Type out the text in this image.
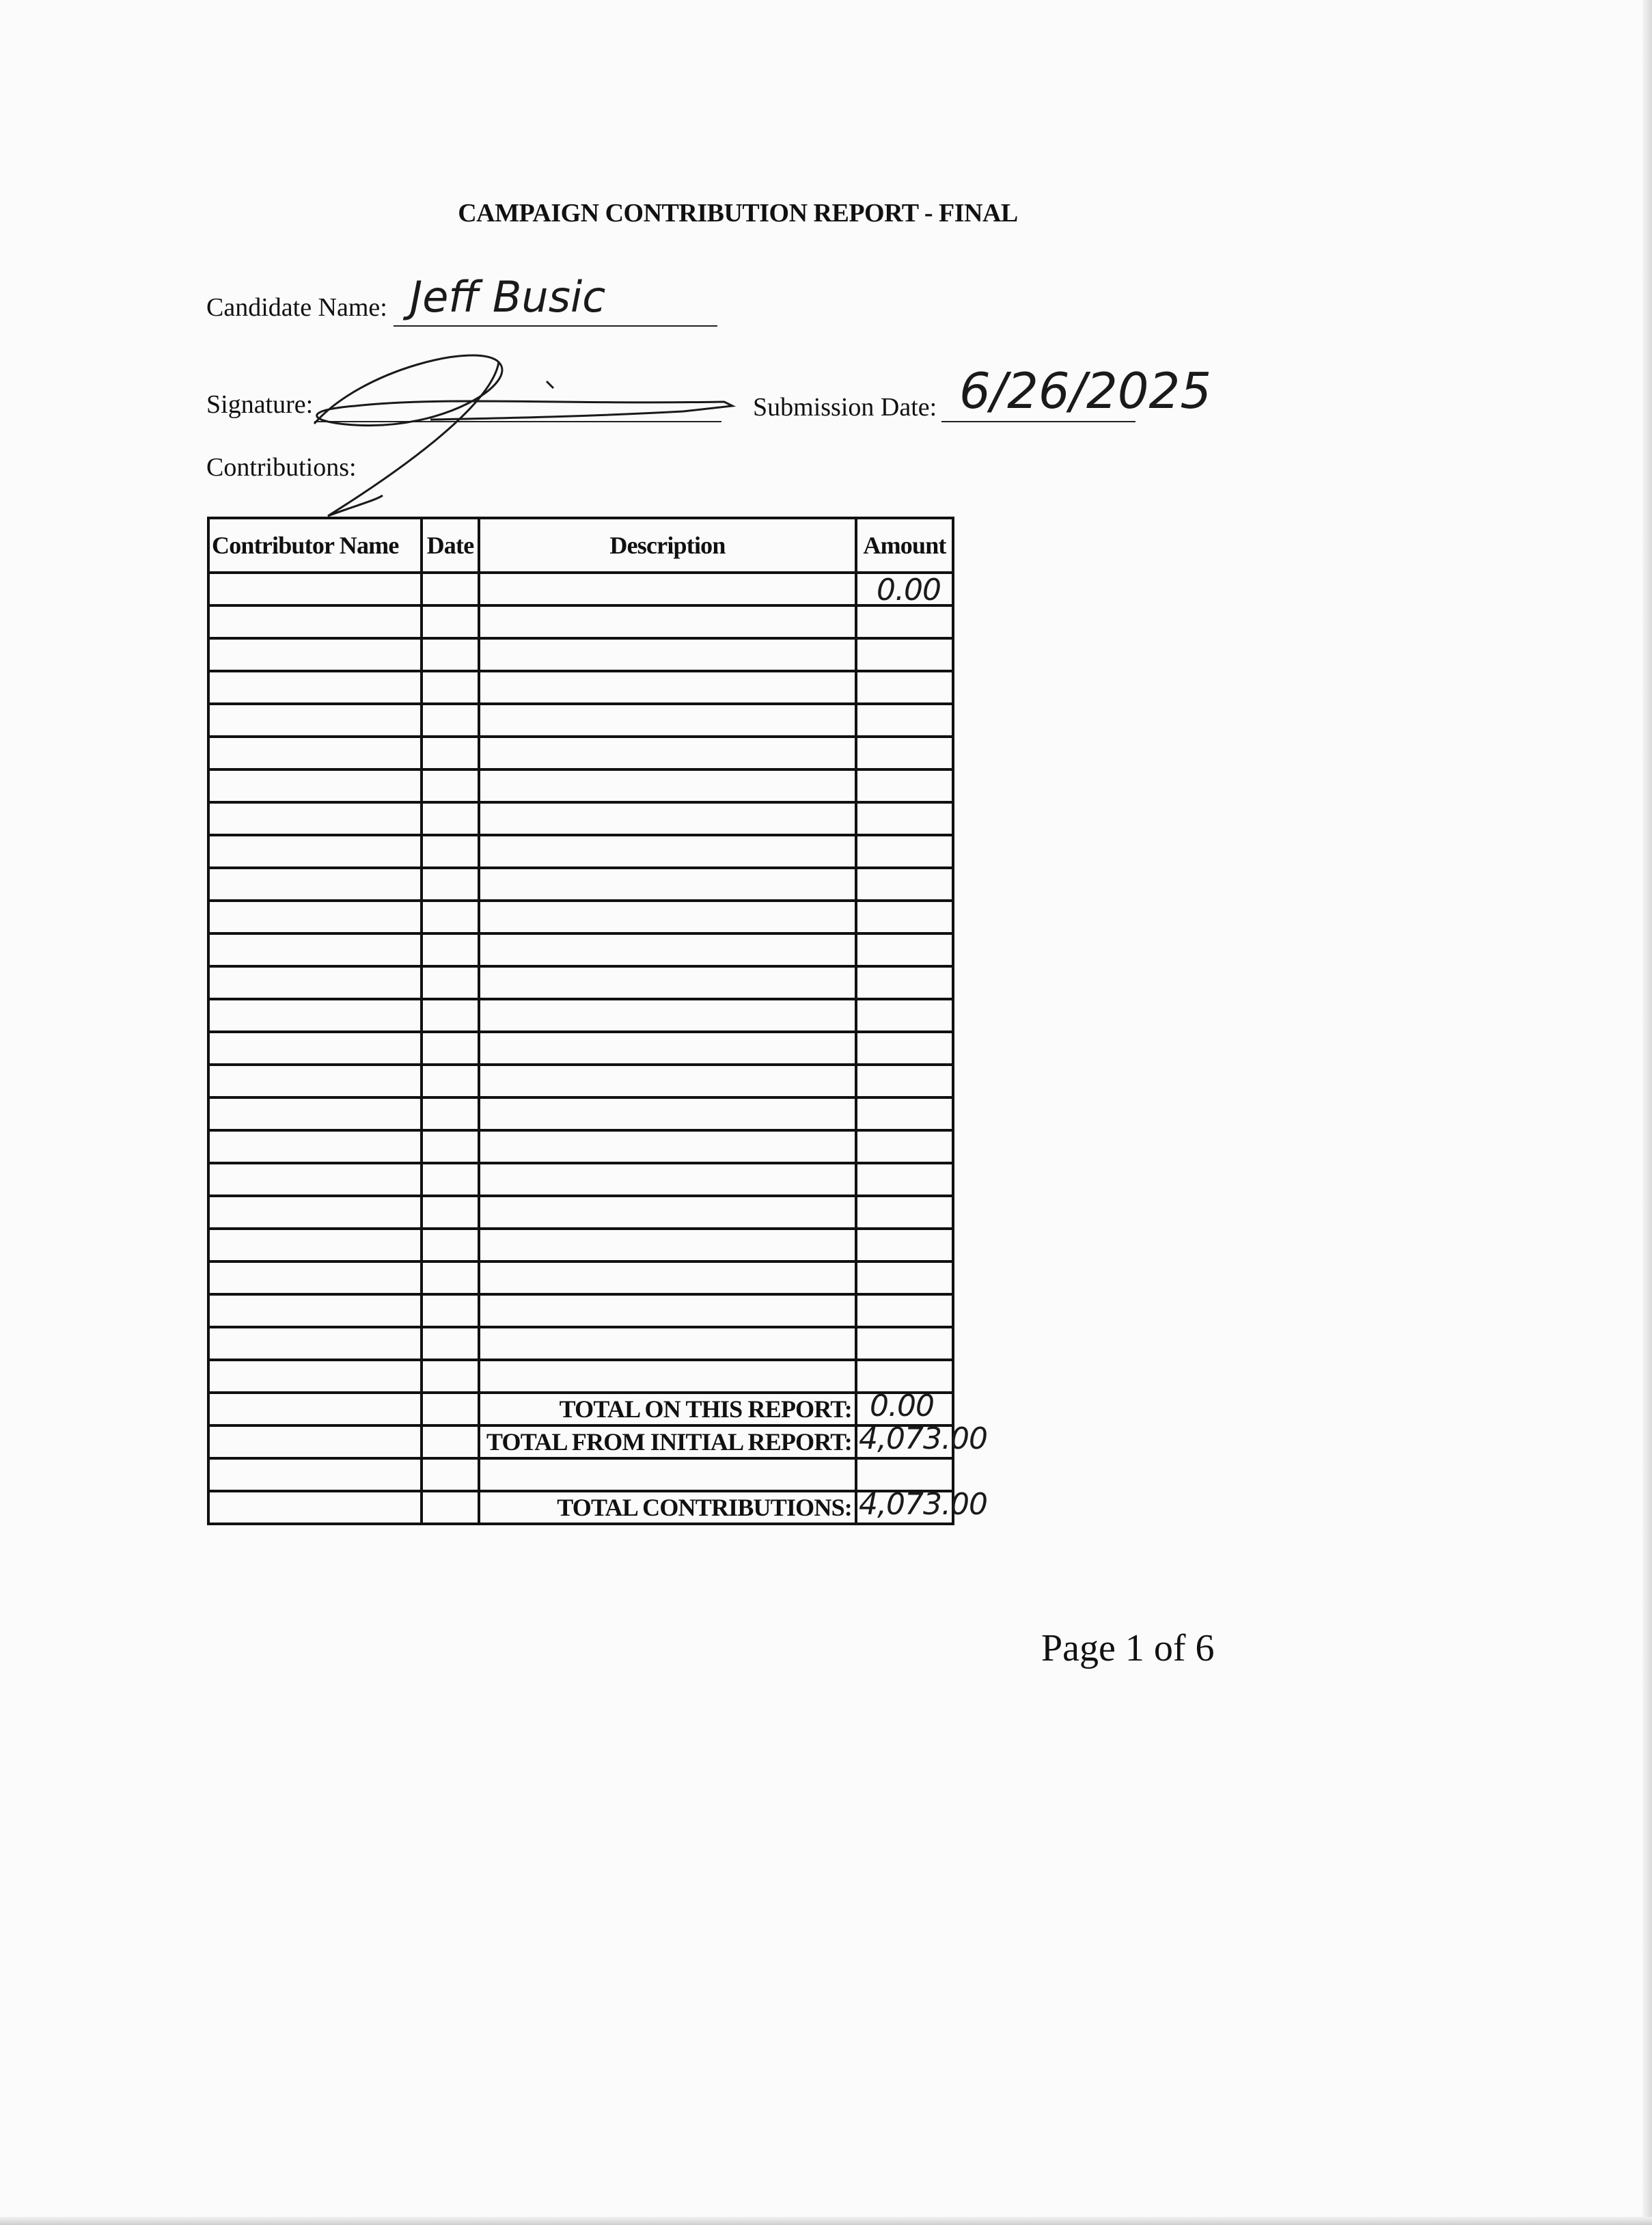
CAMPAIGN CONTRIBUTION REPORT - FINAL
Candidate Name: Jeff Busic
Signature:	Submission Date: 6/26/2025
Contributions:
Contributor Name	Date	Description	Amount

			0.00

		TOTAL ON THIS REPORT:	0.00

		TOTAL FROM INITIAL REPORT:	4,073.00

		TOTAL CONTRIBUTIONS:	4,073.00
Page 1 of 6
